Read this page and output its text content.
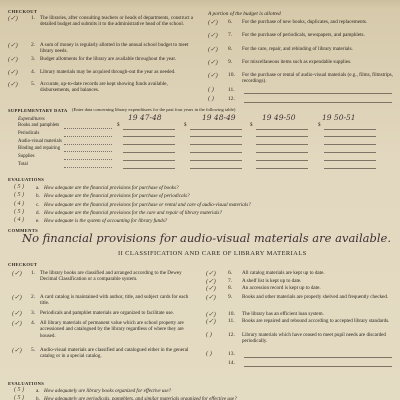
CHECKOUT
(✓) 1. The libraries, after consulting teachers or heads of departments, construct a detailed budget and submits it to the administrative head of the school.
(✓) 2. A sum of money is regularly allotted in the annual school budget to meet library needs.
(✓) 3. Budget allotments for the library are available throughout the year.
(✓) 4. Library materials may be acquired through-out the year as needed.
(✓) 5. Accurate, up-to-date records are kept showing funds available, disbursements, and balances.
(✓) 6. For the purchase of new books, duplicates, and replacements.
(✓) 7. For the purchase of periodicals, newspapers, and pamphlets.
(✓) 8. For the care, repair, and rebinding of library materials.
(✓) 9. For miscellaneous items such as expendable supplies.
(✓) 10. For the purchase or rental of audio-visual materials (e.g., films, filmstrips, recordings).
( )	11.
( )	12.
A portion of the budget is allotted
SUPPLEMENTARY DATA (Enter data concerning library expenditures for the past four years in the following table)
Expenditures	19 47-48	19 48-49	19 49-50	19 50-51
Books and pamphlets	$	$	$	$
Periodicals
Audio-visual materials
Binding and repairing
Supplies
Total
EVALUATIONS
( 5 ) a. How adequate are the financial provisions for purchase of books?
( 5 ) b. How adequate are the financial provisions for purchase of periodicals?
( 4 ) c. How adequate are the financial provisions for purchase or rental and care of audio-visual materials?
( 5 ) d. How adequate are the financial provisions for the care and repair of library materials?
( 4 ) e. How adequate is the system of accounting for library funds?
COMMENTS
No financial provisions for audio-visual materials are available.
II CLASSIFICATION AND CARE OF LIBRARY MATERIALS
CHECKOUT
(✓) 1. The library books are classified and arranged according to the Dewey Decimal Classification or a comparable system.
(✓) 2. A card catalog is maintained with author, title, and subject cards for each title.
(✓) 3. Periodicals and pamphlet materials are organized to facilitate use.
(✓) 4. All library materials of permanent value which are school property are accessioned and catalogued by the library regardless of where they are housed.
(✓) 5. Audio-visual materials are classified and catalogued either in the general catalog or in a special catalog.
(✓) 6. All catalog materials are kept up to date.
(✓) 7. A shelf list is kept up to date.
(✓) 8. An accession record is kept up to date.
(✓) 9. Books and other materials are properly shelved and frequently checked.
(✓) 10. The library has an efficient loan system.
(✓) 11. Books are repaired and rebound according to accepted library standards.
( )	12. Library materials which have ceased to meet pupil needs are discarded periodically.
( )	13.
14.
EVALUATIONS
( 5 ) a. How adequately are library books organized for effective use?
( 5 ) b. How adequately are periodicals, pamphlets, and similar materials organized for effective use?
